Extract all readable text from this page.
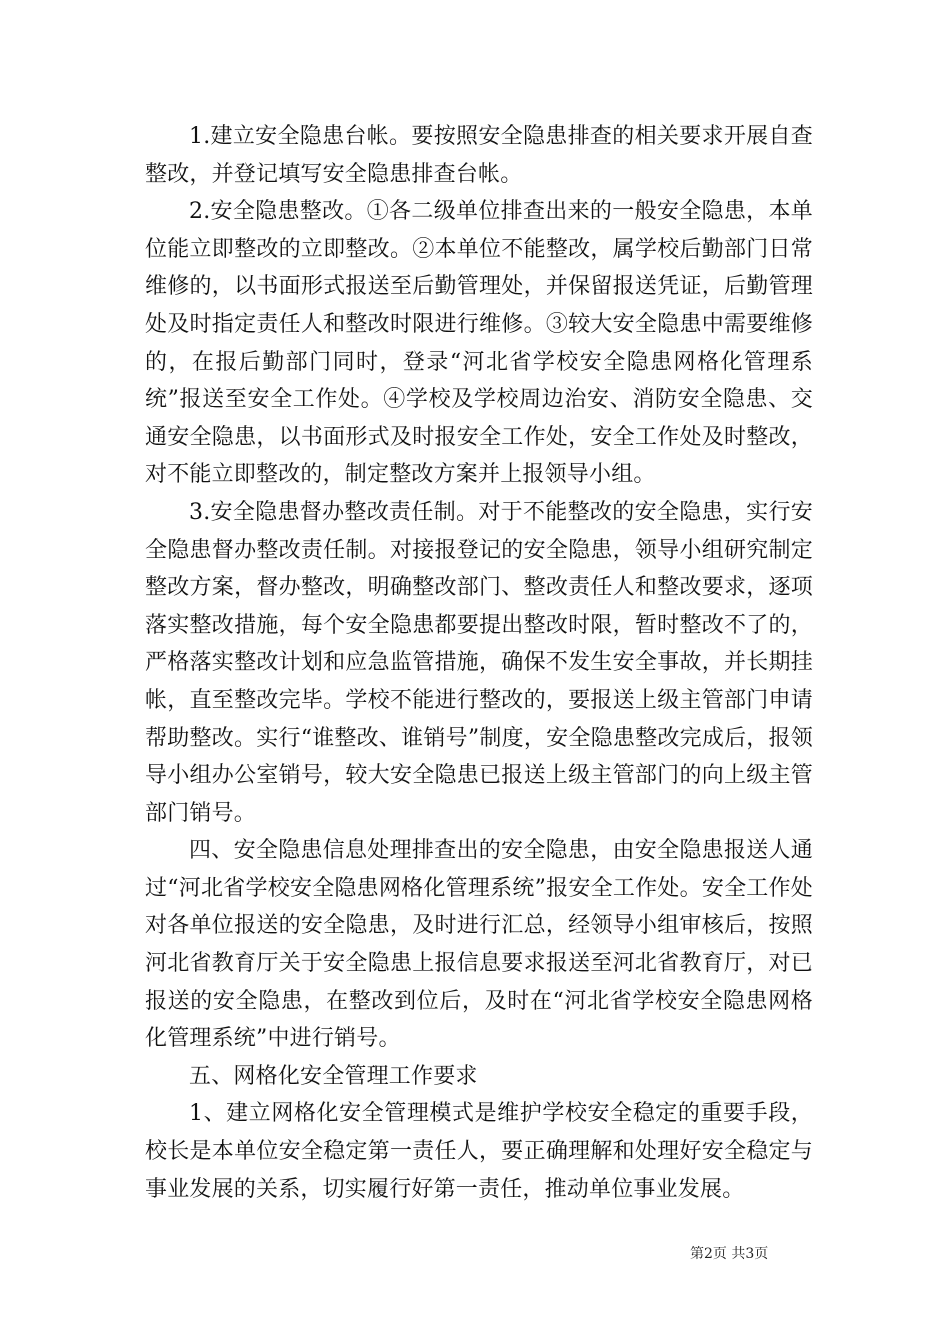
1.建立安全隐患台帐。要按照安全隐患排查的相关要求开展自查整改，并登记填写安全隐患排查台帐。

2.安全隐患整改。①各二级单位排查出来的一般安全隐患，本单位能立即整改的立即整改。②本单位不能整改，属学校后勤部门日常维修的，以书面形式报送至后勤管理处，并保留报送凭证，后勤管理处及时指定责任人和整改时限进行维修。③较大安全隐患中需要维修的，在报后勤部门同时，登录“河北省学校安全隐患网格化管理系统”报送至安全工作处。④学校及学校周边治安、消防安全隐患、交通安全隐患，以书面形式及时报安全工作处，安全工作处及时整改，对不能立即整改的，制定整改方案并上报领导小组。

3.安全隐患督办整改责任制。对于不能整改的安全隐患，实行安全隐患督办整改责任制。对接报登记的安全隐患，领导小组研究制定整改方案，督办整改，明确整改部门、整改责任人和整改要求，逐项落实整改措施，每个安全隐患都要提出整改时限，暂时整改不了的，严格落实整改计划和应急监管措施，确保不发生安全事故，并长期挂帐，直至整改完毕。学校不能进行整改的，要报送上级主管部门申请帮助整改。实行“谁整改、谁销号”制度，安全隐患整改完成后，报领导小组办公室销号，较大安全隐患已报送上级主管部门的向上级主管部门销号。

四、安全隐患信息处理排查出的安全隐患，由安全隐患报送人通过“河北省学校安全隐患网格化管理系统”报安全工作处。安全工作处对各单位报送的安全隐患，及时进行汇总，经领导小组审核后，按照河北省教育厅关于安全隐患上报信息要求报送至河北省教育厅，对已报送的安全隐患，在整改到位后，及时在“河北省学校安全隐患网格化管理系统”中进行销号。

五、网格化安全管理工作要求

1、建立网格化安全管理模式是维护学校安全稳定的重要手段，校长是本单位安全稳定第一责任人，要正确理解和处理好安全稳定与事业发展的关系，切实履行好第一责任，推动单位事业发展。

第2页 共3页
